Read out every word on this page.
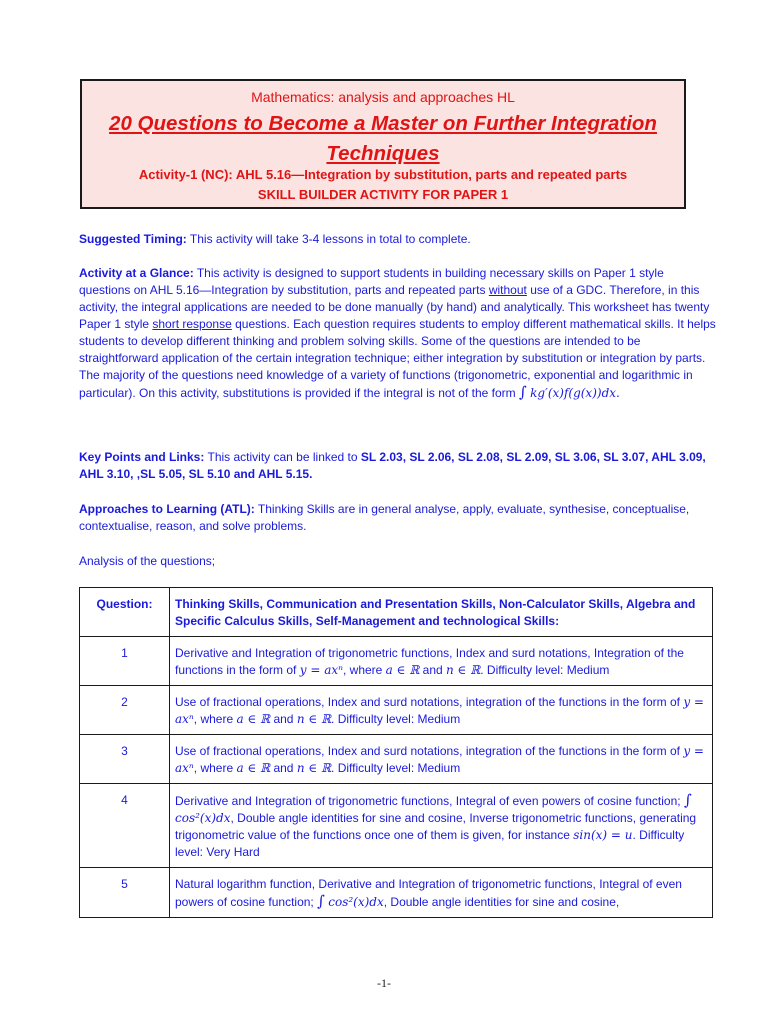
Mathematics: analysis and approaches HL
20 Questions to Become a Master on Further Integration Techniques
Activity-1 (NC): AHL 5.16—Integration by substitution, parts and repeated parts
SKILL BUILDER ACTIVITY FOR PAPER 1

Suggested Timing: This activity will take 3-4 lessons in total to complete.

Activity at a Glance: This activity is designed to support students in building necessary skills on Paper 1 style questions on AHL 5.16—Integration by substitution, parts and repeated parts without use of a GDC. Therefore, in this activity, the integral applications are needed to be done manually (by hand) and analytically. This worksheet has twenty Paper 1 style short response questions. Each question requires students to employ different mathematical skills. It helps students to develop different thinking and problem solving skills. Some of the questions are intended to be straightforward application of the certain integration technique; either integration by substitution or integration by parts. The majority of the questions need knowledge of a variety of functions (trigonometric, exponential and logarithmic in particular). On this activity, substitutions is provided if the integral is not of the form ∫ kg′(x)f(g(x))dx.

Key Points and Links: This activity can be linked to SL 2.03, SL 2.06, SL 2.08, SL 2.09, SL 3.06, SL 3.07, AHL 3.09, AHL 3.10, ,SL 5.05, SL 5.10 and AHL 5.15.

Approaches to Learning (ATL): Thinking Skills are in general analyse, apply, evaluate, synthesise, conceptualise, contextualise, reason, and solve problems.

Analysis of the questions;

Question:	Thinking Skills, Communication and Presentation Skills, Non-Calculator Skills, Algebra and Specific Calculus Skills, Self-Management and technological Skills:
1	Derivative and Integration of trigonometric functions, Index and surd notations, Integration of the functions in the form of y = axⁿ, where a ∈ ℝ and n ∈ ℝ. Difficulty level: Medium
2	Use of fractional operations, Index and surd notations, integration of the functions in the form of y = axⁿ, where a ∈ ℝ and n ∈ ℝ. Difficulty level: Medium
3	Use of fractional operations, Index and surd notations, integration of the functions in the form of y = axⁿ, where a ∈ ℝ and n ∈ ℝ. Difficulty level: Medium
4	Derivative and Integration of trigonometric functions, Integral of even powers of cosine function; ∫ cos²(x)dx, Double angle identities for sine and cosine, Inverse trigonometric functions, generating trigonometric value of the functions once one of them is given, for instance sin(x) = u. Difficulty level: Very Hard
5	Natural logarithm function, Derivative and Integration of trigonometric functions, Integral of even powers of cosine function; ∫ cos²(x)dx, Double angle identities for sine and cosine,
-1-
